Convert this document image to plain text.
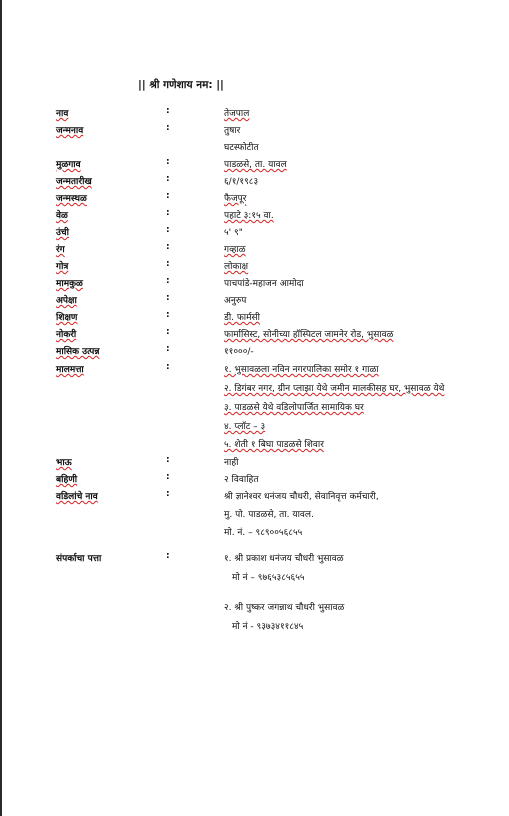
|| श्री गणेशाय नम: ||
नाव	:	तेजपाल
जन्मनाव	:	तुषार
घटस्फोटीत
मुळगाव	:	पाडळसे, ता. यावल
जन्मतारीख	:	६/१/१९८३
जन्मस्थळ	:	फैजपूर
वेळ	:	पहाटे ३:१५ वा.
उंची	:	५' ९"
रंग	:	गव्हाळ
गोत्र	:	लोकाक्ष
मामकुळ	:	पाचपांडे-महाजन आमोदा
अपेक्षा	:	अनुरुप
शिक्षण	:	डी. फार्मसी
नोकरी	:	फार्मासिस्ट, सोनीच्या हॉस्पिटल जामनेर रोड, भुसावळ
मासिक उत्पन्न	:	११०००/-
मालमत्ता	:	१. भुसावळला नविन नगरपालिका समोर १ गाळा
२. डिगंबर नगर, ग्रीन प्लाझा येथे जमीन मालकीसह घर, भुसावळ येथे
३. पाडळसे येथे वडिलोपार्जित सामायिक घर
४. प्लॉट – ३
५. शेती १ बिघा पाडळसे शिवार
भाऊ	:	नाही
बहिणी	:	२ विवाहित
वडिलांचे नाव	:	श्री ज्ञानेश्वर धनंजय चौधरी, सेवानिवृत्त कर्मचारी,
मु. पो. पाडळसे, ता. यावल.
मो. नं. – ९८९००५६८५५
संपर्काचा पत्ता	:	१. श्री प्रकाश धनंजय चौधरी भुसावळ
मो नं – ९७६५३८५६५५
२. श्री पुष्कर जगन्नाथ चौधरी भुसावळ
मो नं - ९३७३४११८४५
